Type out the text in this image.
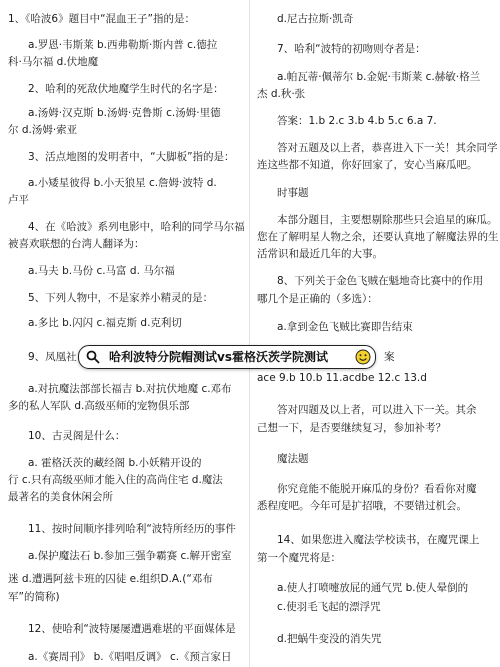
1、《哈波6》题目中“混血王子”指的是：
a.罗恩·韦斯莱 b.西弗勒斯·斯内普 c.德拉
科·马尔福 d.伏地魔
2、哈利的死敌伏地魔学生时代的名字是：
a.汤姆·汉克斯 b.汤姆·克鲁斯 c.汤姆·里德
尔 d.汤姆·索亚
3、活点地图的发明者中，“大脚板”指的是：
a.小矮星彼得 b.小天狼星 c.詹姆·波特 d.
卢平
4、在《哈波》系列电影中，哈利的同学马尔福
被喜欢联想的台湾人翻译为：
a.马夫 b.马份 c.马富 d. 马尔福
5、下列人物中，不是家养小精灵的是：
a.多比 b.闪闪 c.福克斯 d.克利切
9、凤凰社
a.对抗魔法部部长福吉 b.对抗伏地魔 c.邓布
多的私人军队 d.高级巫师的宠物俱乐部
10、古灵阁是什么：
a. 霍格沃茨的藏经阁 b.小妖精开设的
行 c.只有高级巫师才能入住的高尚住宅 d.魔法
最著名的美食休闲会所
11、按时间顺序排列哈利“波特所经历的事件
a.保护魔法石 b.参加三强争霸赛 c.解开密室
迷 d.遭遇阿兹卡班的囚徒 e.组织D.A.(“邓布
军”的简称)
12、使哈利“波特屡屡遭遇难堪的平面媒体是
a.《赛周刊》 b.《唱唱反调》 c.《预言家日
d.尼古拉斯·凯奇
7、哈利“波特的初吻则夺者是：
a.帕瓦蒂·佩蒂尔 b.金妮·韦斯莱 c.赫敏·格兰
杰 d.秋·张
答案：1.b 2.c 3.b 4.b 5.c 6.a 7.
答对五题及以上者，恭喜进入下一关！其余同学
连这些都不知道，你好回家了，安心当麻瓜吧。
时事题
本部分题目，主要想剔除那些只会追星的麻瓜。
您在了解明星人物之余，还要认真地了解魔法界的生
活常识和最近几年的大事。
8、下列关于金色飞贼在魁地奇比赛中的作用
哪几个是正确的（多选）：
a.拿到金色飞贼比赛即告结束
案
ace 9.b 10.b 11.acdbe 12.c 13.d
答对四题及以上者，可以进入下一关。其余
己想一下，是否要继续复习，参加补考？
魔法题
你究竟能不能脱开麻瓜的身份？看看你对魔
悉程度吧。今年可是扩招哦，不要错过机会。
14、如果您进入魔法学校读书，在魔咒课上
第一个魔咒将是：
a.使人打喷嚏放屁的通气咒 b.使人晕倒的
c.使羽毛飞起的漂浮咒
d.把蜗牛变没的消失咒
哈利波特分院帽测试vs霍格沃茨学院测试
